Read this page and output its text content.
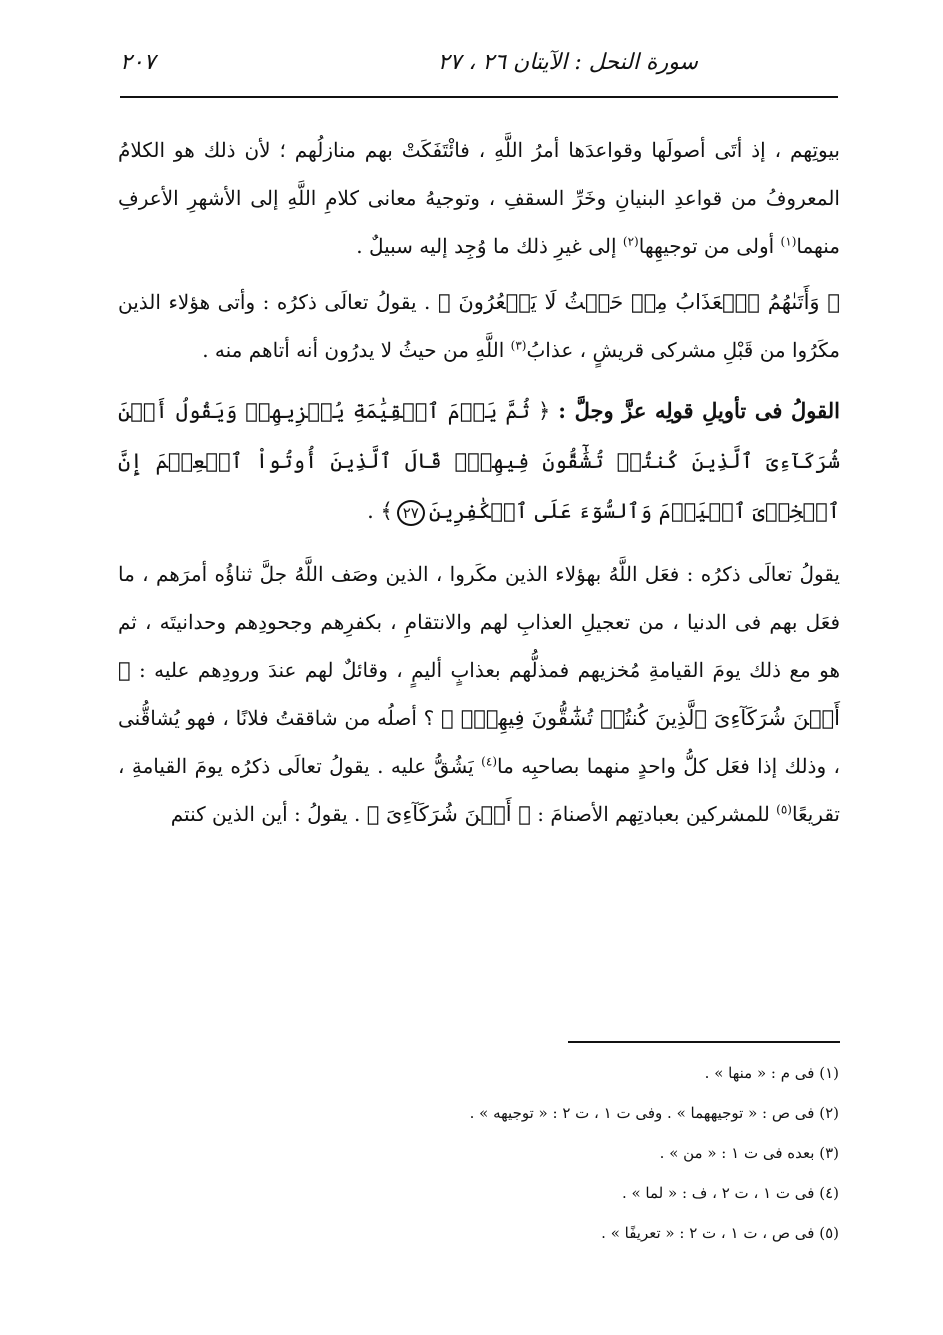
سورة النحل : الآيتان ٢٦ ، ٢٧
٢٠٧

بيوتِهم ، إذ أتَى أصولَها وقواعدَها أمرُ اللَّهِ ، فائْتَفَكَتْ بهم منازلُهم ؛ لأن ذلك هو الكلامُ المعروفُ من قواعدِ البنيانِ وخَرِّ السقفِ ، وتوجيهُ معانى كلامِ اللَّهِ إلى الأشهرِ الأعرفِ منهما$^{(١)}$ أولى من توجيهِها$^{(٢)}$ إلى غيرِ ذلك ما وُجِد إليه سبيلٌ .

﴿ وَأَتَىٰهُمُ ٱلۡعَذَابُ مِنۡ حَيۡثُ لَا يَشۡعُرُونَ ﴾ . يقولُ تعالَى ذكرُه : وأتى هؤلاء الذين مكَرُوا من قَبْلِ مشركى قريشٍ ، عذابُ$^{(٣)}$ اللَّهِ من حيثُ لا يدرُون أنه أتاهم منه .

القولُ فى تأويلِ قولِه عزَّ وجلَّ : ﴿ ثُمَّ يَوۡمَ ٱلۡقِيَٰمَةِ يُخۡزِيهِمۡ وَيَقُولُ أَيۡنَ شُرَكَآءِىَ ٱلَّذِينَ كُنتُمۡ تُشَٰٓقُّونَ فِيهِمۡۚ قَالَ ٱلَّذِينَ أُوتُواْ ٱلۡعِلۡمَ إِنَّ ٱلۡخِزۡىَ ٱلۡيَوۡمَ وَٱلسُّوٓءَ عَلَى ٱلۡكَٰفِرِينَ٢٧﴾ .

يقولُ تعالَى ذكرُه : فعَل اللَّهُ بهؤلاء الذين مكَروا ، الذين وصَف اللَّهُ جلَّ ثناؤُه أمرَهم ، ما فعَل بهم فى الدنيا ، من تعجيلِ العذابِ لهم والانتقامِ ، بكفرِهم وجحودِهم وحدانيتَه ، ثم هو مع ذلك يومَ القيامةِ مُخزيهم فمذلُّهم بعذابٍ أليمٍ ، وقائلٌ لهم عندَ ورودِهم عليه : ﴿ أَيۡنَ شُرَكَآءِىَ ٱلَّذِينَ كُنتُمۡ تُشَٰٓقُّونَ فِيهِمۡۚ ﴾ ؟ أصلُه من شاققتُ فلانًا ، فهو يُشاقُّنى ، وذلك إذا فعَل كلُّ واحدٍ منهما بصاحبِه ما$^{(٤)}$ يَشُقُّ عليه . يقولُ تعالَى ذكرُه يومَ القيامةِ ، تقريعًا$^{(٥)}$ للمشركين بعبادتِهم الأصنامَ : ﴿ أَيۡنَ شُرَكَآءِىَ ﴾ . يقولُ : أين الذين كنتم

(١) فى م : « منها » .
(٢) فى ص : « توجيههما » . وفى ت ١ ، ت ٢ : « توجيهه » .
(٣) بعده فى ت ١ : « من » .
(٤) فى ت ١ ، ت ٢ ، ف : « لما » .
(٥) فى ص ، ت ١ ، ت ٢ : « تعريفًا » .
